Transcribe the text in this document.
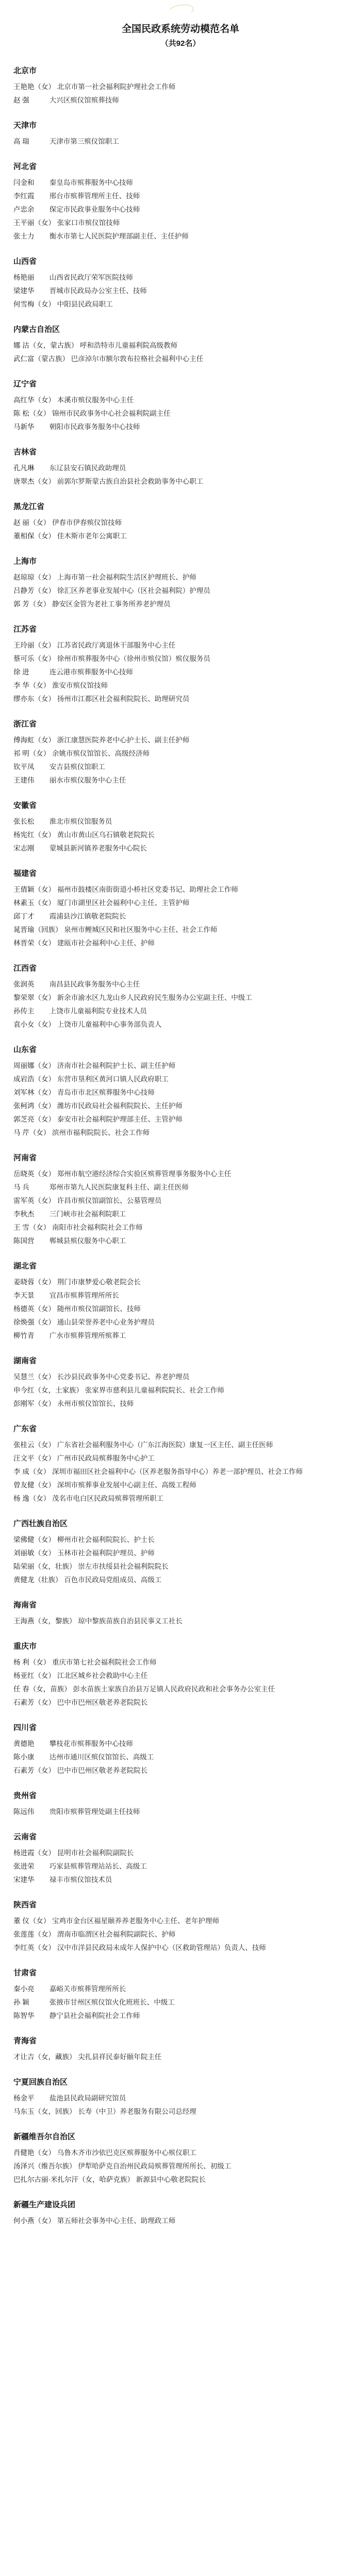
全国民政系统劳动模范名单
（共92名）
北京市

王艳艳（女） 北京市第一社会福利院护理社会工作师

赵 强	大兴区殡仪馆殡葬技师

天津市

高 瑞	天津市第三殡仪馆职工

河北省

闫金和 秦皇岛市殡葬服务中心技师

李红霞 邢台市殡葬管理所主任、技师

卢忠余 保定市民政事业服务中心技师

王平丽（女） 张家口市殡仪馆技师

张士力 衡水市第七人民医院护理部副主任、主任护师

山西省

杨艳丽 山西省民政厅荣军医院技师

梁建华 晋城市民政局办公室主任、技师

何雪梅（女） 中阳县民政局职工

内蒙古自治区

娜 沽（女，蒙古族） 呼和浩特市儿童福利院高级教师

武仁富（蒙古族） 巴彦淖尔市额尔敦布拉格社会福利中心主任

辽宁省

高红华（女） 本溪市殡仪服务中心主任

陈 松（女） 锦州市民政事务中心社会福利院副主任

马新华 朝阳市民政事务服务中心技师

吉林省

孔凡琳 东辽县安石镇民政助理员

唐翠杰（女） 前郭尔罗斯蒙古族自治县社会救助事务中心职工

黑龙江省

赵 丽（女） 伊春市伊春殡仪馆技师

董相保（女） 佳木斯市老年公寓职工

上海市

赵琼琼（女） 上海市第一社会福利院生活区护理班长、护师

吕静芳（女） 徐汇区养老事业发展中心（区社会福利院）护理员

郭 芳（女） 静安区金管为老社工事务所养老护理员

江苏省

王玲丽（女） 江苏省民政厅离退休干部服务中心主任

蔡可乐（女） 徐州市殡葬服务中心（徐州市殡仪馆）殡仪服务员

徐 进	连云港市殡葬服务中心技师

李 华（女） 淮安市殡仪馆技师

缪亦东（女） 扬州市江都区社会福利院院长、助理研究员

浙江省

傅海虹（女） 浙江康慧医院养老中心护士长、副主任护师

祁 明（女） 余姚市殡仪馆馆长、高级经济师

钦平凤 安吉县殡仪馆职工

王建伟 丽水市殡仪服务中心主任

安徽省

张长松 淮北市殡仪馆服务员

杨宪红（女） 黄山市黄山区乌石镇敬老院院长

宋志刚 蒙城县新河镇养老服务中心院长

福建省

王倩颖（女） 福州市鼓楼区南街街道小桥社区党委书记、助理社会工作师

林素玉（女） 厦门市湖里区社会福利中心主任、主管护师

邱丁才 霞浦县沙江镇敬老院院长

晁晋瑜（回族） 泉州市鲤城区民和社区服务中心主任、社会工作师

林晋荣（女） 建瓯市社会福利中心主任、护师

江西省

张润英 南昌县民政事务服务中心主任

黎荣翠（女） 新余市渝水区九龙山乡人民政府民生服务办公室副主任、中级工

孙传主 上饶市儿童福利院专业技术人员

袁小女（女） 上饶市儿童福利中心事务部负责人

山东省

周丽娜（女） 济南市社会福利院护士长、副主任护师

成岩浩（女） 东营市垦利区黄河口镇人民政府职工

刘军林（女） 青岛市市北区殡葬服务中心技师

张柯鸿（女） 潍坊市民政局社会福利院院长、主任护师

郭芝亮（女） 泰安市社会福利院护理部主任、主管护师

马 芹（女） 滨州市福利院院长、社会工作师

河南省

岳晓英（女） 郑州市航空港经济综合实验区殡葬管理事务服务中心主任

马 兵	郑州市第九人民医院康复科主任、副主任医师

雷军英（女） 许昌市殡仪馆副馆长、公墓管理员

李秋杰 三门峡市社会福利院职工

王 雪（女） 南阳市社会福利院社会工作师

陈国营 郸城县殡仪服务中心职工

湖北省

姜晓蓉（女） 荆门市康梦爱心敬老院会长

李天景 宜昌市殡葬管理所所长

杨德英（女） 随州市殡仪馆副馆长、技师

徐焕强（女） 通山县荣誉养老中心业务护理员

柳竹青 广水市殡葬管理所殡葬工

湖南省

吴慧兰（女） 长沙县民政事务中心党委书记、养老护理员

申今红（女，土家族） 张家界市慈利县儿童福利院院长、社会工作师

彭刚军（女） 永州市殡仪馆馆长、技师

广东省

张桂云（女） 广东省社会福利服务中心（广东江海医院）康复一区主任、副主任医师

汪文平（女） 广州市民政局殡葬服务中心护工

李 成（女） 深圳市福田区社会福利中心（区养老服务指导中心）养老一部护理员、社会工作师

曾友健（女） 深圳市殡葬事业发展中心副主任、高级工程师

杨 逸（女） 茂名市电白区民政局殡葬管理所职工

广西壮族自治区

梁佛健（女） 柳州市社会福利院院长、护士长

刘丽敏（女） 玉林市社会福利院护理员、护师

陆荣丽（女，壮族） 崇左市扶绥县社会福利院院长

黄健龙（壮族） 百色市民政局党组成员、高级工

海南省

王海燕（女，黎族） 琼中黎族苗族自治县民事义工社长

重庆市

杨 利（女） 重庆市第七社会福利院社会工作师

杨亚红（女） 江北区城乡社会救助中心主任

任 春（女，苗族） 彭水苗族土家族自治县万足镇人民政府民政和社会事务办公室主任

石素芳（女） 巴中市巴州区敬老养老院院长

四川省

黄德艳 攀枝花市殡葬服务中心技师

陈小康 达州市通川区殡仪馆馆长、高级工

石素芳（女） 巴中市巴州区敬老养老院院长

贵州省

陈远伟 贵阳市殡葬管理处副主任技师

云南省

杨进霞（女） 昆明市社会福利院副院长

张进荣 巧家县殡葬管理站站长、高级工

宋建华 禄丰市殡仪馆技术员

陕西省

董 仪（女） 宝鸡市金台区福星颐养养老服务中心主任、老年护理师

张莲莲（女） 渭南市临渭区社会福利院副院长、护师

李红英（女） 汉中市洋县民政局未成年人保护中心（区救助管理站）负责人、技师

甘肃省

秦小亮 嘉峪关市殡葬管理所所长

孙 颖	张掖市甘州区殡仪馆火化班班长、中级工

陈智华 静宁县社会福利院社会工作师

青海省

才让吉（女，藏族） 尖扎县祥民泰好颐年院主任

宁夏回族自治区

杨金平 盐池县民政局副研究馆员

马东玉（女，回族） 长寿（中卫）养老服务有限公司总经理

新疆维吾尔自治区

肖健艳（女） 乌鲁木齐市沙依巴克区殡葬服务中心殡仪职工

汤泽兴（维吾尔族） 伊犁哈萨克自治州民政局殡葬管理所所长、初级工

巴扎尔古丽·米扎尔汗（女，哈萨克族） 新源县中心敬老院院长

新疆生产建设兵团

何小燕（女） 第五师社会事务中心主任、助理政工师
